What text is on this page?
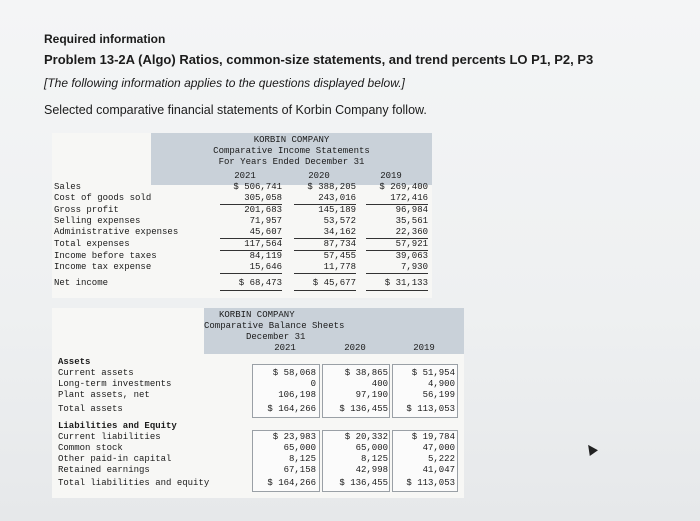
Required information
Problem 13-2A (Algo) Ratios, common-size statements, and trend percents LO P1, P2, P3
[The following information applies to the questions displayed below.]
Selected comparative financial statements of Korbin Company follow.
KORBIN COMPANY
Comparative Income Statements
For Years Ended December 31
2021	2020	2019
Sales	$ 506,741	$ 388,205	$ 269,400
Cost of goods sold	305,058	243,016	172,416
Gross profit	201,683	145,189	96,984
Selling expenses	71,957	53,572	35,561
Administrative expenses	45,607	34,162	22,360
Total expenses	117,564	87,734	57,921
Income before taxes	84,119	57,455	39,063
Income tax expense	15,646	11,778	7,930
Net income	$ 68,473	$ 45,677	$ 31,133
KORBIN COMPANY
Comparative Balance Sheets
December 31
2021	2020	2019
Assets
Current assets	$ 58,068	$ 38,865	$ 51,954
Long-term investments	0	400	4,900
Plant assets, net	106,198	97,190	56,199
Total assets	$ 164,266	$ 136,455	$ 113,053
Liabilities and Equity
Current liabilities	$ 23,983	$ 20,332	$ 19,784
Common stock	65,000	65,000	47,000
Other paid-in capital	8,125	8,125	5,222
Retained earnings	67,158	42,998	41,047
Total liabilities and equity	$ 164,266	$ 136,455	$ 113,053
